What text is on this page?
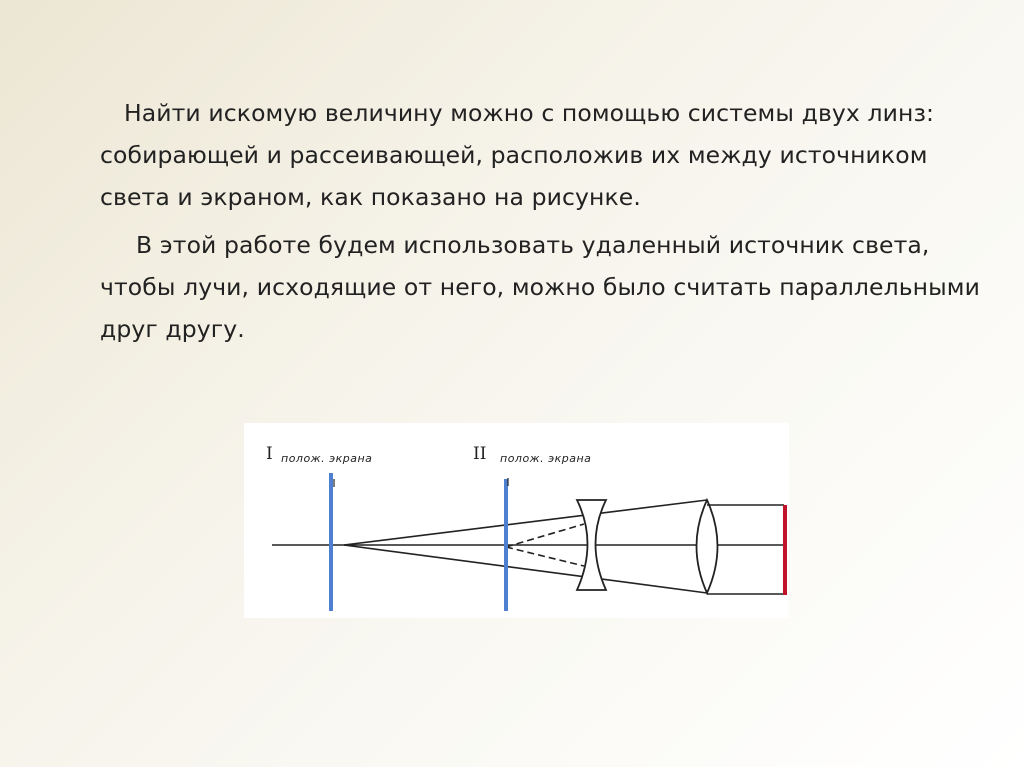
Найти искомую величину можно с помощью системы двух линз: собирающей и рассеивающей, расположив их между источником света и экраном, как показано на рисунке.

В этой работе будем использовать удаленный источник света, чтобы лучи, исходящие от него, можно было считать параллельными друг другу.

I полож. экрана	II полож. экрана
